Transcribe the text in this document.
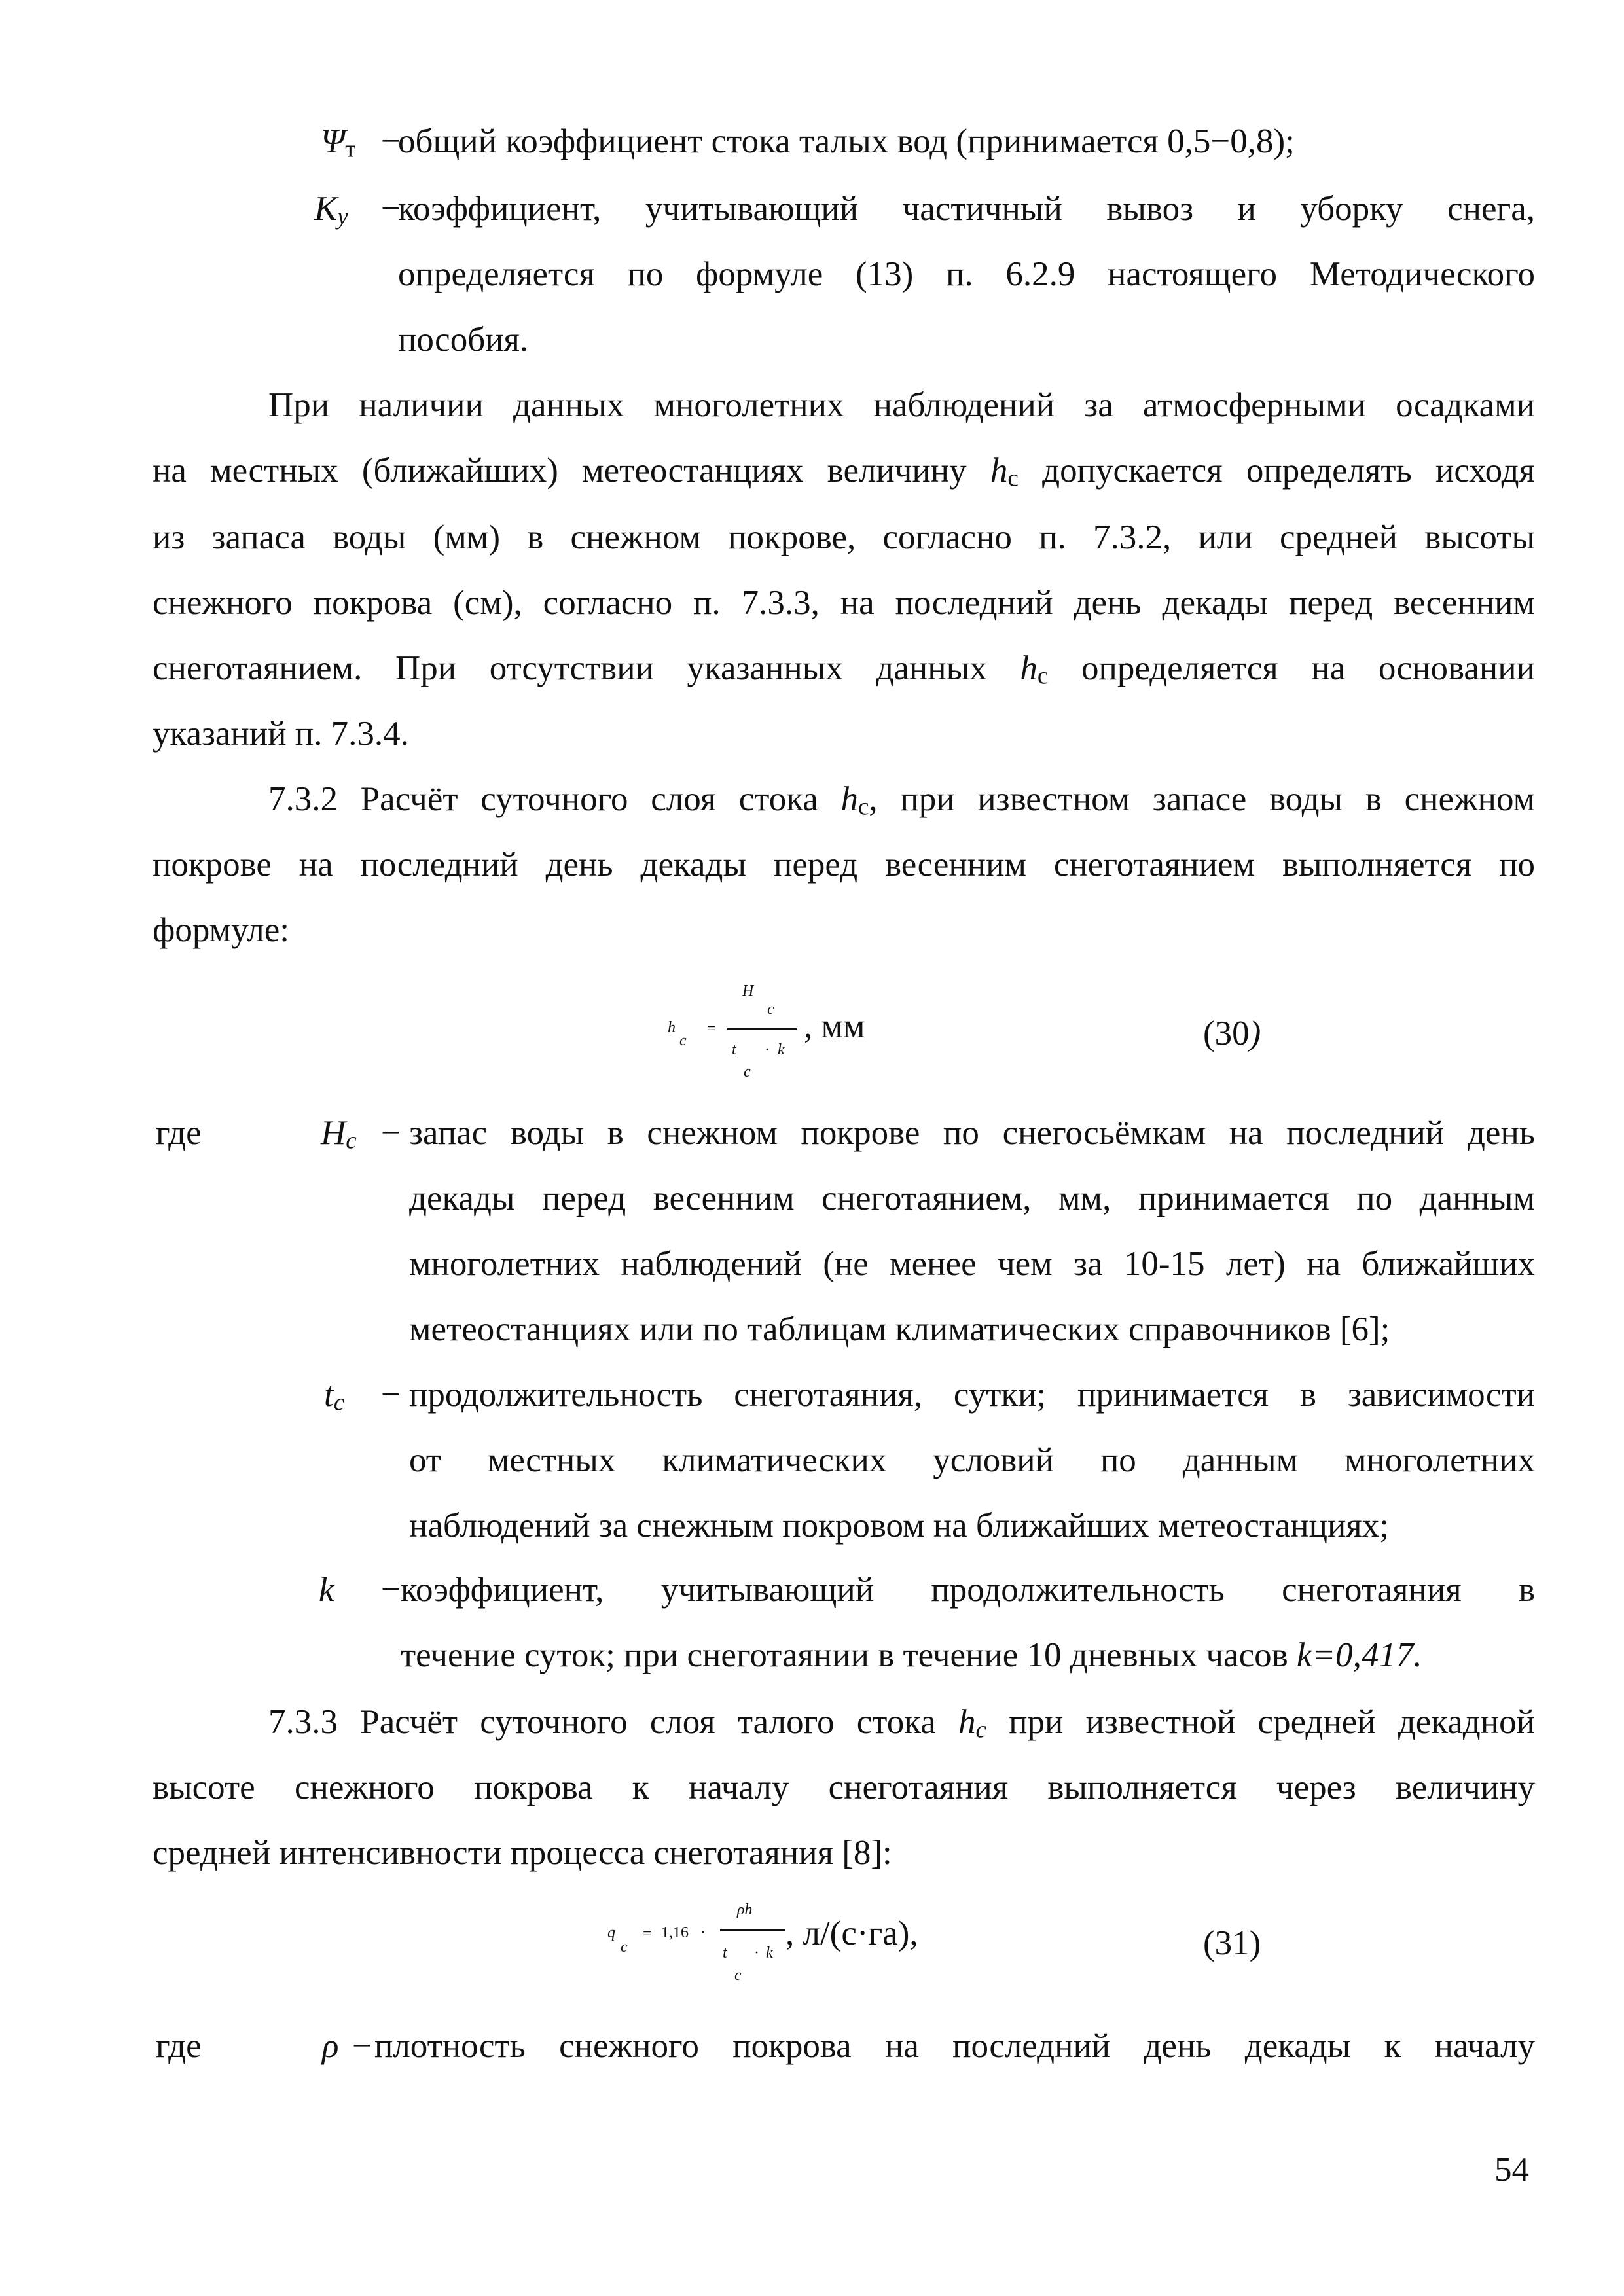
Ψт −
общий коэффициент стока талых вод (принимается 0,5−0,8);
Ку −
коэффициент, учитывающий частичный вывоз и уборку снега,
определяется по формуле (13) п. 6.2.9 настоящего Методического
пособия.
При наличии данных многолетних наблюдений за атмосферными осадками
на местных (ближайших) метеостанциях величину hс допускается определять исходя
из запаса воды (мм) в снежном покрове, согласно п. 7.3.2, или средней высоты
снежного покрова (см), согласно п. 7.3.3, на последний день декады перед весенним
снеготаянием. При отсутствии указанных данных hс определяется на основании
указаний п. 7.3.4.
7.3.2 Расчёт суточного слоя стока hс, при известном запасе воды в снежном
покрове на последний день декады перед весенним снеготаянием выполняется по
формуле:
h
c
=
H
c
t · k
c
, мм	(30)
где	Нс − запас воды в снежном покрове по снегосьёмкам на последний день
декады перед весенним снеготаянием, мм, принимается по данным
многолетних наблюдений (не менее чем за 10-15 лет) на ближайших
метеостанциях или по таблицам климатических справочников [6];
tс − продолжительность снеготаяния, сутки; принимается в зависимости
от местных климатических условий по данным многолетних
наблюдений за снежным покровом на ближайших метеостанциях;
k − коэффициент, учитывающий продолжительность снеготаяния в
течение суток; при снеготаянии в течение 10 дневных часов k=0,417.
7.3.3 Расчёт суточного слоя талого стока hc при известной средней декадной
высоте снежного покрова к началу снеготаяния выполняется через величину
средней интенсивности процесса снеготаяния [8]:
q
c
= 1,16 ·
ρh
t · k
c
, л/(с·га),	(31)
где	ρ − плотность снежного покрова на последний день декады к началу
54
